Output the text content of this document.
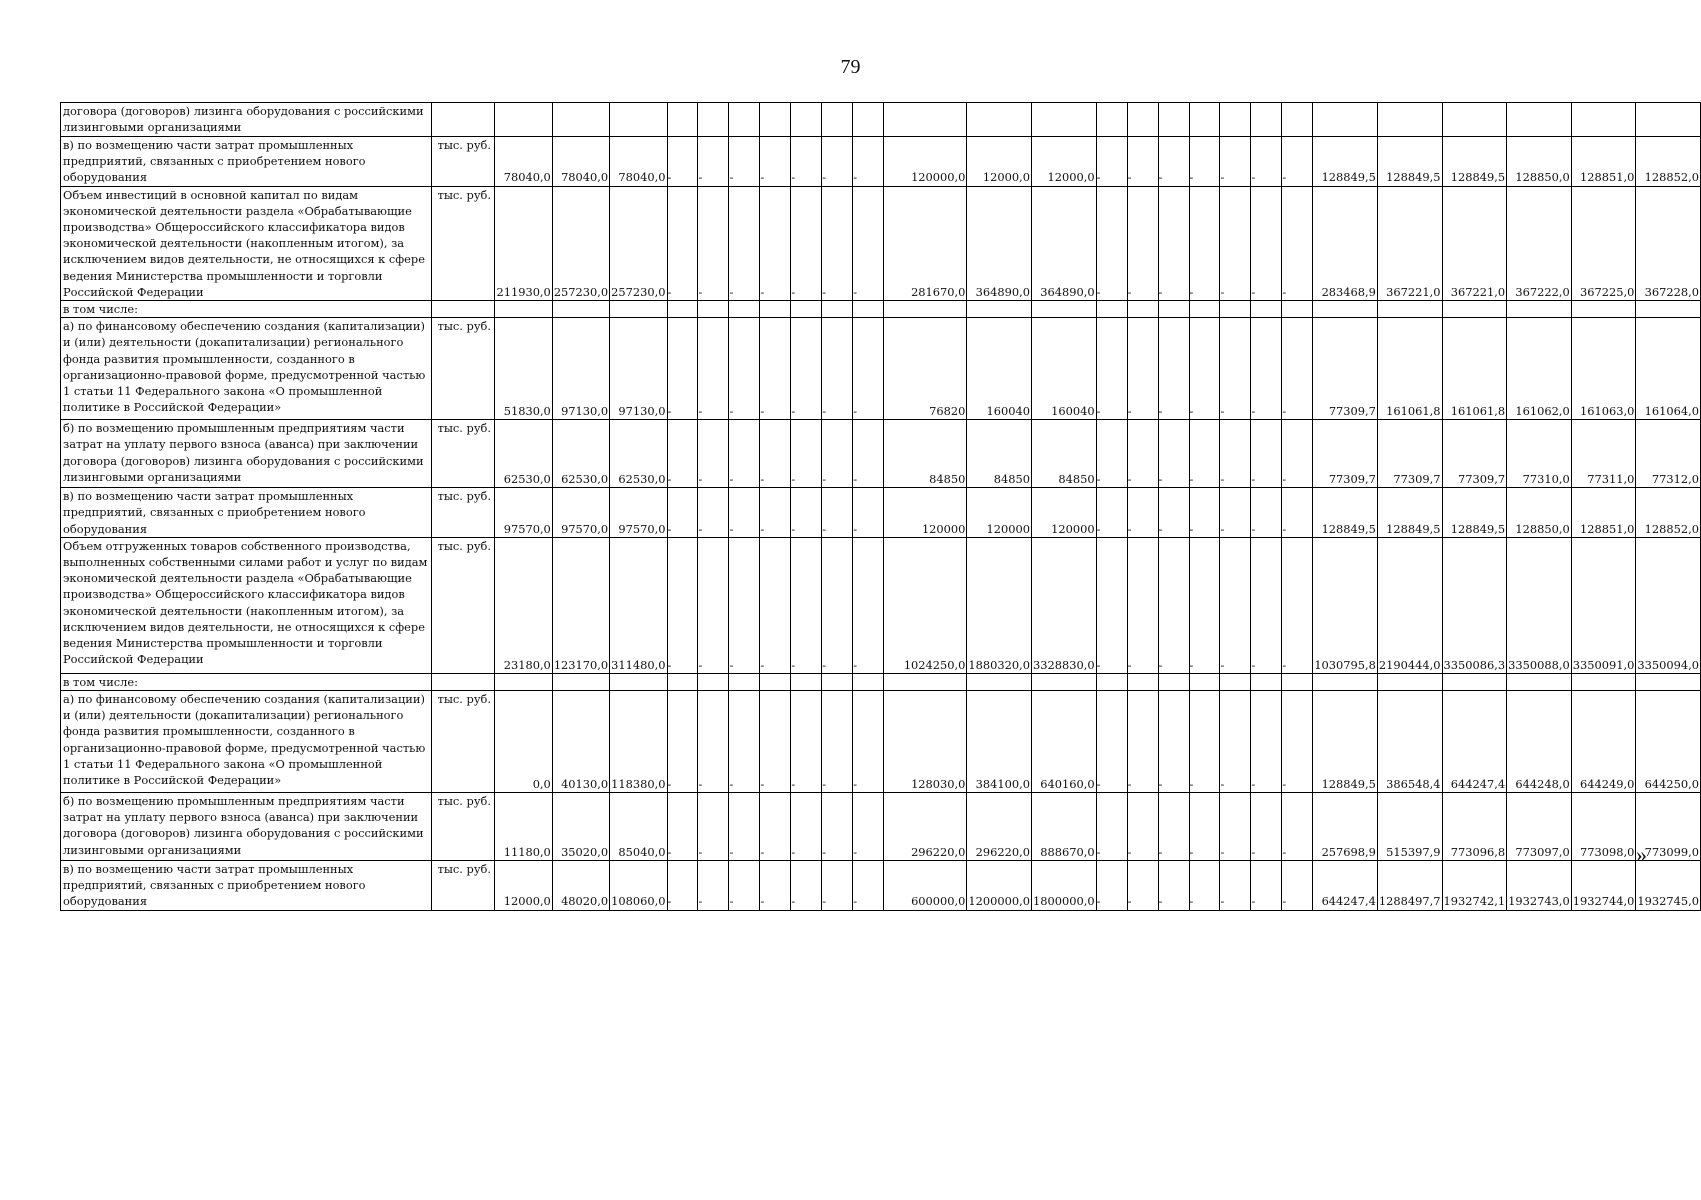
79
договора (договоров) лизинга оборудования с российскими лизинговыми организациями																											
в) по возмещению части затрат промышленных предприятий, связанных с приобретением нового оборудования	тыс. руб.	78040,0	78040,0	78040,0	-	-	-	-	-	-	-	120000,0	12000,0	12000,0	-	-	-	-	-	-	-	128849,5	128849,5	128849,5	128850,0	128851,0	128852,0
Объем инвестиций в основной капитал по видам экономической деятельности раздела «Обрабатывающие производства» Общероссийского классификатора видов экономической деятельности (накопленным итогом), за исключением видов деятельности, не относящихся к сфере ведения Министерства промышленности и торговли Российской Федерации	тыс. руб.	211930,0	257230,0	257230,0	-	-	-	-	-	-	-	281670,0	364890,0	364890,0	-	-	-	-	-	-	-	283468,9	367221,0	367221,0	367222,0	367225,0	367228,0
в том числе:																											
а) по финансовому обеспечению создания (капитализации) и (или) деятельности (докапитализации) регионального фонда развития промышленности, созданного в организационно-правовой форме, предусмотренной частью 1 статьи 11 Федерального закона «О промышленной политике в Российской Федерации»	тыс. руб.	51830,0	97130,0	97130,0	-	-	-	-	-	-	-	76820	160040	160040	-	-	-	-	-	-	-	77309,7	161061,8	161061,8	161062,0	161063,0	161064,0
б) по возмещению промышленным предприятиям части затрат на уплату первого взноса (аванса) при заключении договора (договоров) лизинга оборудования с российскими лизинговыми организациями	тыс. руб.	62530,0	62530,0	62530,0	-	-	-	-	-	-	-	84850	84850	84850	-	-	-	-	-	-	-	77309,7	77309,7	77309,7	77310,0	77311,0	77312,0
в) по возмещению части затрат промышленных предприятий, связанных с приобретением нового оборудования	тыс. руб.	97570,0	97570,0	97570,0	-	-	-	-	-	-	-	120000	120000	120000	-	-	-	-	-	-	-	128849,5	128849,5	128849,5	128850,0	128851,0	128852,0
Объем отгруженных товаров собственного производства, выполненных собственными силами работ и услуг по видам экономической деятельности раздела «Обрабатывающие производства» Общероссийского классификатора видов экономической деятельности (накопленным итогом), за исключением видов деятельности, не относящихся к сфере ведения Министерства промышленности и торговли Российской Федерации	тыс. руб.	23180,0	123170,0	311480,0	-	-	-	-	-	-	-	1024250,0	1880320,0	3328830,0	-	-	-	-	-	-	-	1030795,8	2190444,0	3350086,3	3350088,0	3350091,0	3350094,0
в том числе:																											
а) по финансовому обеспечению создания (капитализации) и (или) деятельности (докапитализации) регионального фонда развития промышленности, созданного в организационно-правовой форме, предусмотренной частью 1 статьи 11 Федерального закона «О промышленной политике в Российской Федерации»	тыс. руб.	0,0	40130,0	118380,0	-	-	-	-	-	-	-	128030,0	384100,0	640160,0	-	-	-	-	-	-	-	128849,5	386548,4	644247,4	644248,0	644249,0	644250,0
б) по возмещению промышленным предприятиям части затрат на уплату первого взноса (аванса) при заключении договора (договоров) лизинга оборудования с российскими лизинговыми организациями	тыс. руб.	11180,0	35020,0	85040,0	-	-	-	-	-	-	-	296220,0	296220,0	888670,0	-	-	-	-	-	-	-	257698,9	515397,9	773096,8	773097,0	773098,0	773099,0
в) по возмещению части затрат промышленных предприятий, связанных с приобретением нового оборудования	тыс. руб.	12000,0	48020,0	108060,0	-	-	-	-	-	-	-	600000,0	1200000,0	1800000,0	-	-	-	-	-	-	-	644247,4	1288497,7	1932742,1	1932743,0	1932744,0	1932745,0
»
